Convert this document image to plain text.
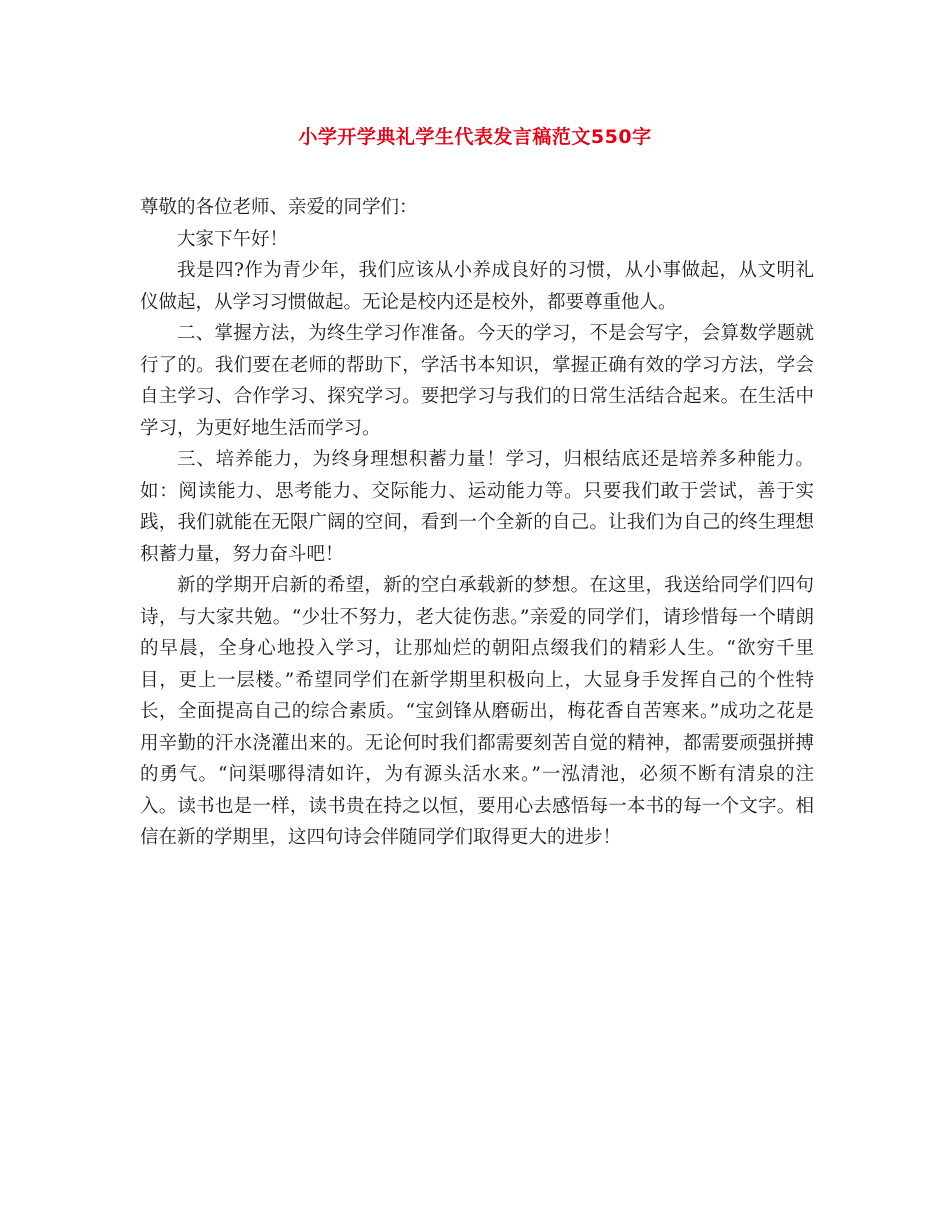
小学开学典礼学生代表发言稿范文550字

尊敬的各位老师、亲爱的同学们：

大家下午好！

我是四?作为青少年，我们应该从小养成良好的习惯，从小事做起，从文明礼仪做起，从学习习惯做起。无论是校内还是校外，都要尊重他人。

二、掌握方法，为终生学习作准备。今天的学习，不是会写字，会算数学题就行了的。我们要在老师的帮助下，学活书本知识，掌握正确有效的学习方法，学会自主学习、合作学习、探究学习。要把学习与我们的日常生活结合起来。在生活中学习，为更好地生活而学习。

三、培养能力，为终身理想积蓄力量！学习，归根结底还是培养多种能力。如：阅读能力、思考能力、交际能力、运动能力等。只要我们敢于尝试，善于实践，我们就能在无限广阔的空间，看到一个全新的自己。让我们为自己的终生理想积蓄力量，努力奋斗吧！

新的学期开启新的希望，新的空白承载新的梦想。在这里，我送给同学们四句诗，与大家共勉。“少壮不努力，老大徒伤悲。”亲爱的同学们，请珍惜每一个晴朗的早晨，全身心地投入学习，让那灿烂的朝阳点缀我们的精彩人生。“欲穷千里目，更上一层楼。”希望同学们在新学期里积极向上，大显身手发挥自己的个性特长，全面提高自己的综合素质。“宝剑锋从磨砺出，梅花香自苦寒来。”成功之花是用辛勤的汗水浇灌出来的。无论何时我们都需要刻苦自觉的精神，都需要顽强拼搏的勇气。“问渠哪得清如许，为有源头活水来。”一泓清池，必须不断有清泉的注入。读书也是一样，读书贵在持之以恒，要用心去感悟每一本书的每一个文字。相信在新的学期里，这四句诗会伴随同学们取得更大的进步！
